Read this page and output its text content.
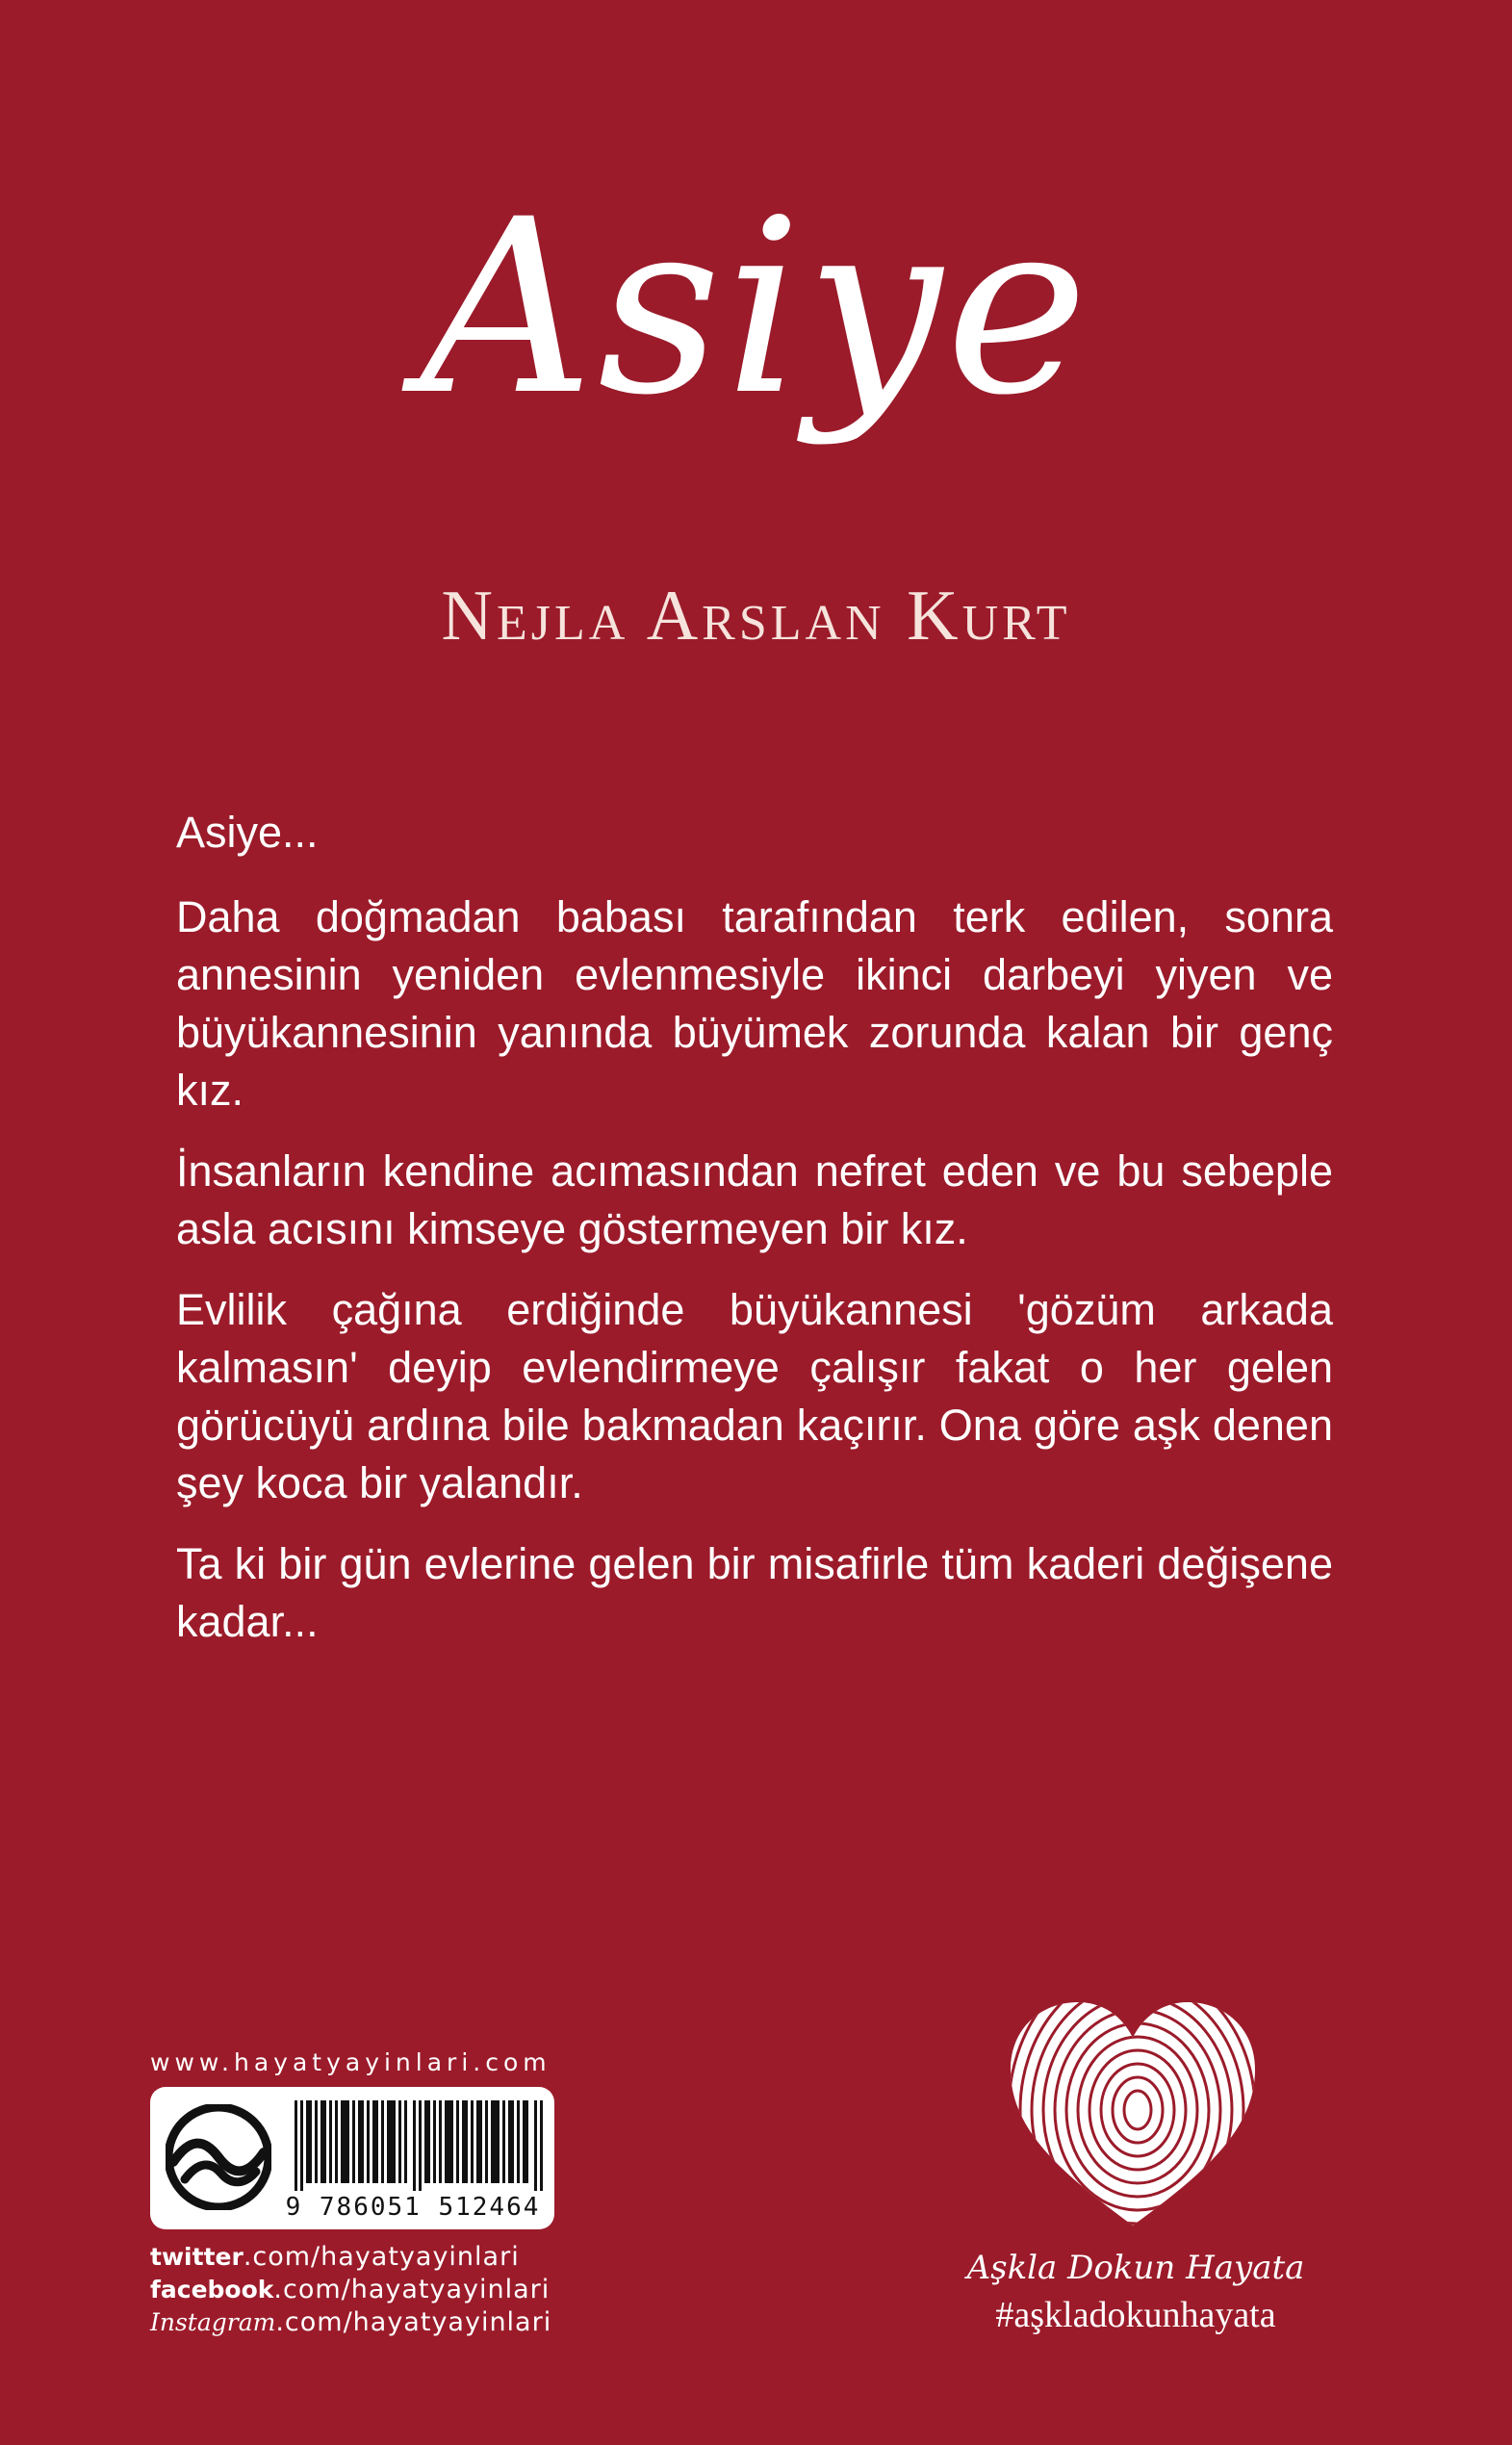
Asiye
Nejla Arslan Kurt

Asiye...

Daha doğmadan babası tarafından terk edilen, sonra annesinin yeniden evlenmesiyle ikinci darbeyi yiyen ve büyükannesinin yanında büyümek zorunda kalan bir genç kız.

İnsanların kendine acımasından nefret eden ve bu sebeple asla acısını kimseye göstermeyen bir kız.

Evlilik çağına erdiğinde büyükannesi 'gözüm arkada kalmasın' deyip evlendirmeye çalışır fakat o her gelen görücüyü ardına bile bakmadan kaçırır. Ona göre aşk denen şey koca bir yalandır.

Ta ki bir gün evlerine gelen bir misafirle tüm kaderi değişene kadar...

www.hayatyayinlari.com
9 786051 512464
twitter.com/hayatyayinlari
facebook.com/hayatyayinlari
Instagram.com/hayatyayinlari
Aşkla Dokun Hayata
#aşkladokunhayata
